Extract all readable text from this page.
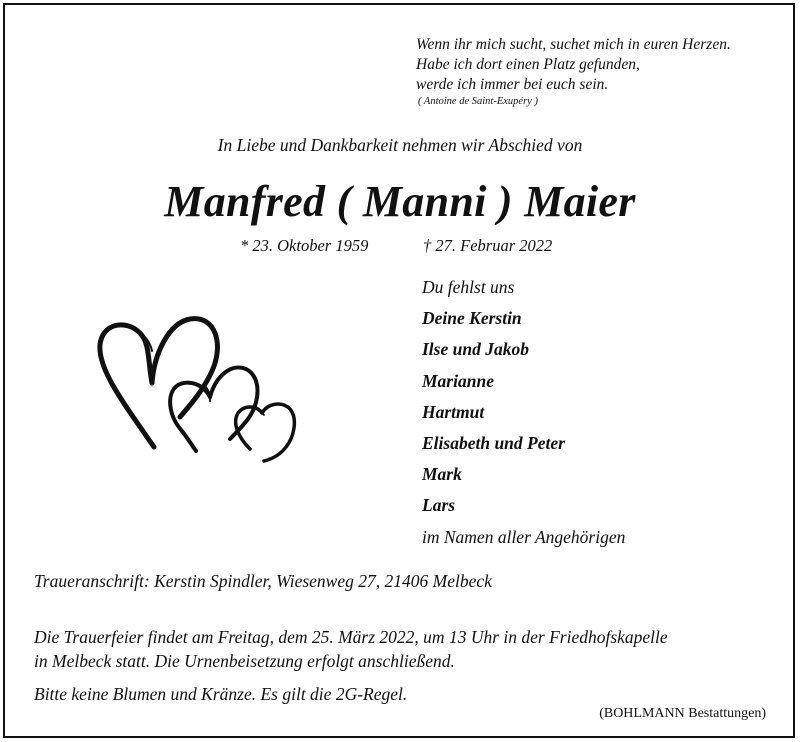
Wenn ihr mich sucht, suchet mich in euren Herzen.
Habe ich dort einen Platz gefunden,
werde ich immer bei euch sein.
( Antoine de Saint-Exupéry )
In Liebe und Dankbarkeit nehmen wir Abschied von
Manfred ( Manni ) Maier
* 23. Oktober 1959	† 27. Februar 2022
Du fehlst uns
Deine Kerstin
Ilse und Jakob
Marianne
Hartmut
Elisabeth und Peter
Mark
Lars
im Namen aller Angehörigen
Traueranschrift: Kerstin Spindler, Wiesenweg 27, 21406 Melbeck
Die Trauerfeier findet am Freitag, dem 25. März 2022, um 13 Uhr in der Friedhofskapelle
in Melbeck statt. Die Urnenbeisetzung erfolgt anschließend.
Bitte keine Blumen und Kränze. Es gilt die 2G-Regel.
(BOHLMANN Bestattungen)
